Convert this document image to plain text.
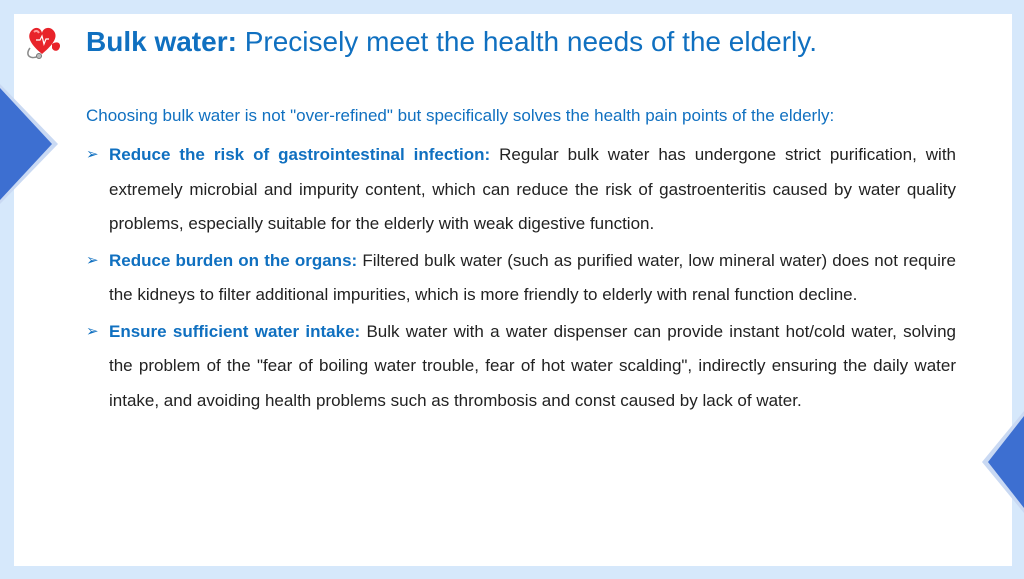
Bulk water: Precisely meet the health needs of the elderly.

Choosing bulk water is not "over-refined" but specifically solves the health pain points of the elderly:

➢ Reduce the risk of gastrointestinal infection: Regular bulk water has undergone strict purification, with extremely microbial and impurity content, which can reduce the risk of gastroenteritis caused by water quality problems, especially suitable for the elderly with weak digestive function.
➢ Reduce burden on the organs: Filtered bulk water (such as purified water, low mineral water) does not require the kidneys to filter additional impurities, which is more friendly to elderly with renal function decline.
➢ Ensure sufficient water intake: Bulk water with a water dispenser can provide instant hot/cold water, solving the problem of the "fear of boiling water trouble, fear of hot water scalding", indirectly ensuring the daily water intake, and avoiding health problems such as thrombosis and const caused by lack of water.
